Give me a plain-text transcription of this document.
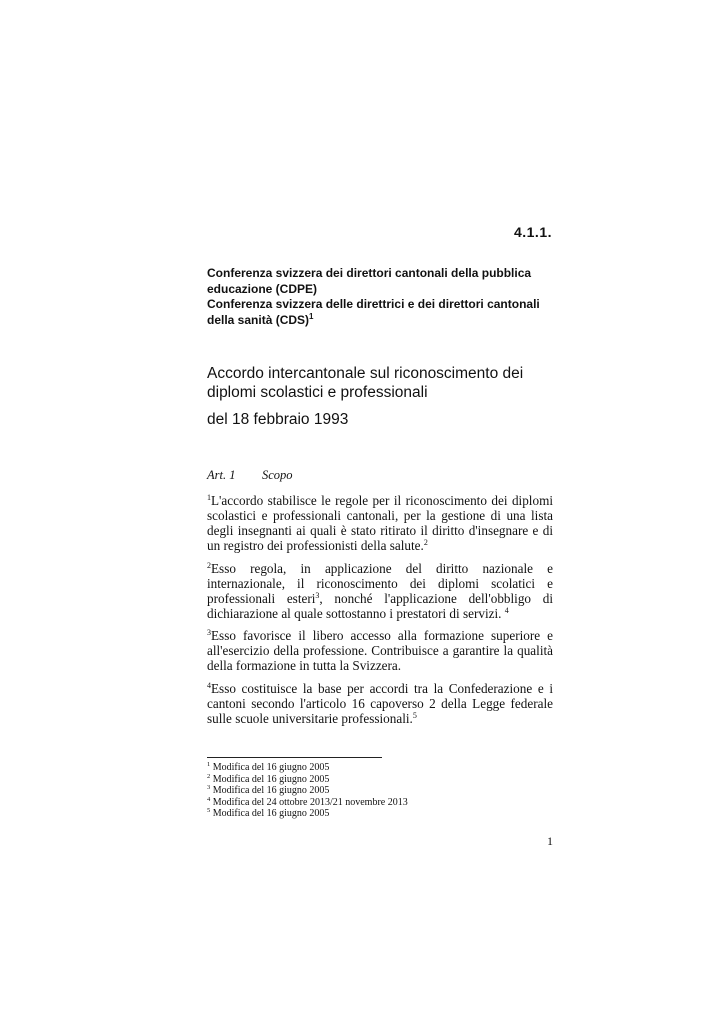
4.1.1.
Conferenza svizzera dei direttori cantonali della pubblica
educazione (CDPE)
Conferenza svizzera delle direttrici e dei direttori cantonali
della sanità (CDS)$^1$
Accordo intercantonale sul riconoscimento dei
diplomi scolastici e professionali
del 18 febbraio 1993
Art. 1 Scopo

$^1$L'accordo stabilisce le regole per il riconoscimento dei diplomi scolastici e professionali cantonali, per la gestione di una lista degli insegnanti ai quali è stato ritirato il diritto d'insegnare e di un registro dei professionisti della salute.$^2$

$^2$Esso regola, in applicazione del diritto nazionale e internazionale, il riconoscimento dei diplomi scolatici e professionali esteri$^3$, nonché l'applicazione dell'obbligo di dichiarazione al quale sottostanno i prestatori di servizi. $^4$

$^3$Esso favorisce il libero accesso alla formazione superiore e all'esercizio della professione. Contribuisce a garantire la qualità della formazione in tutta la Svizzera.

$^4$Esso costituisce la base per accordi tra la Confederazione e i cantoni secondo l'articolo 16 capoverso 2 della Legge federale sulle scuole universitarie professionali.$^5$

$^1$ Modifica del 16 giugno 2005
$^2$ Modifica del 16 giugno 2005
$^3$ Modifica del 16 giugno 2005
$^4$ Modifica del 24 ottobre 2013/21 novembre 2013
$^5$ Modifica del 16 giugno 2005
1
